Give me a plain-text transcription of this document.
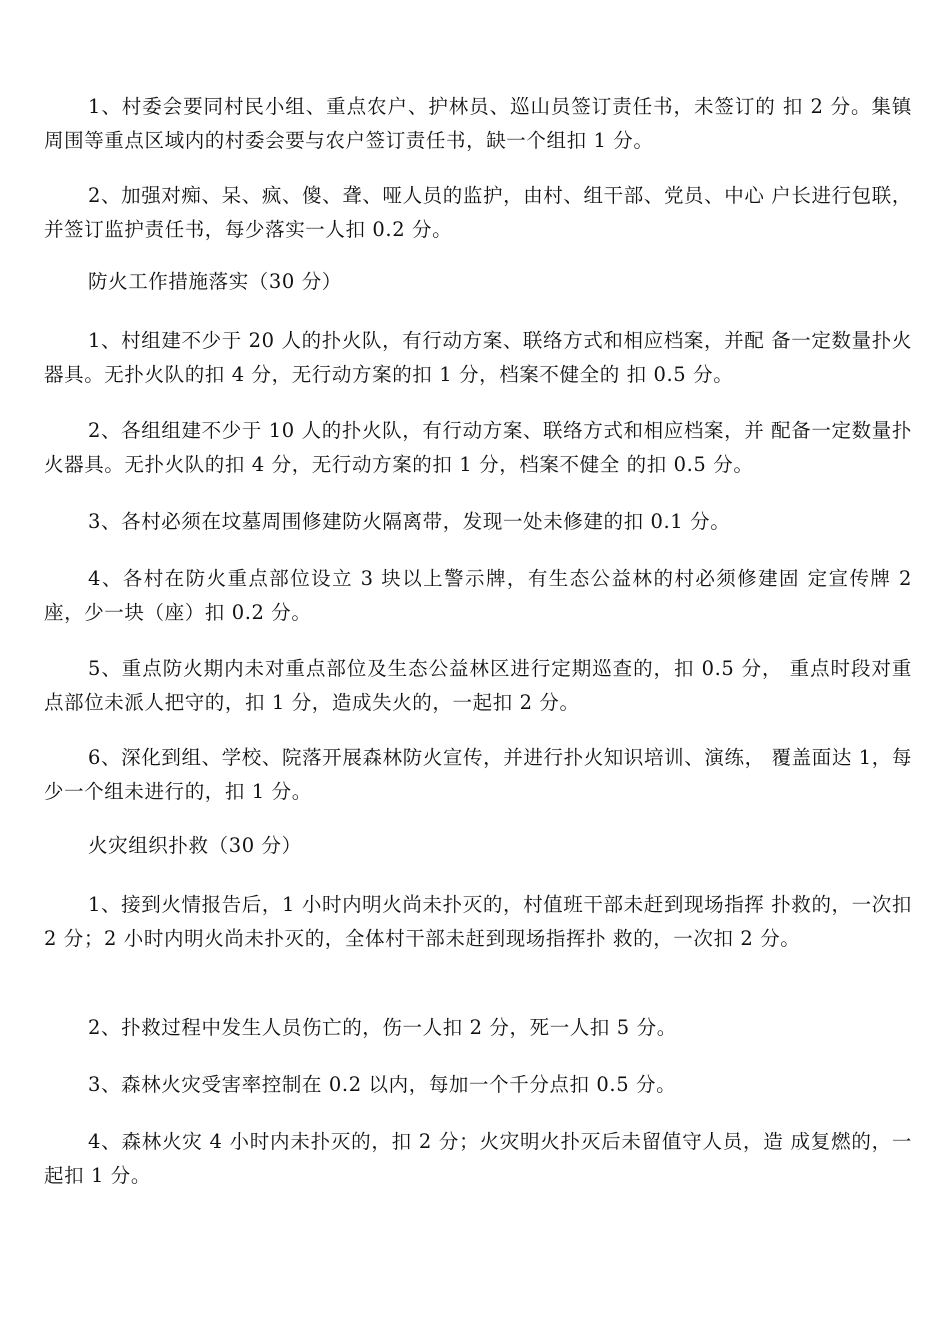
1、村委会要同村民小组、重点农户、护林员、巡山员签订责任书，未签订的 扣 2 分。集镇周围等重点区域内的村委会要与农户签订责任书，缺一个组扣 1 分。

2、加强对痴、呆、疯、傻、聋、哑人员的监护，由村、组干部、党员、中心 户长进行包联，并签订监护责任书，每少落实一人扣 0.2 分。

防火工作措施落实（30 分）

1、村组建不少于 20 人的扑火队，有行动方案、联络方式和相应档案，并配 备一定数量扑火器具。无扑火队的扣 4 分，无行动方案的扣 1 分，档案不健全的 扣 0.5 分。

2、各组组建不少于 10 人的扑火队，有行动方案、联络方式和相应档案，并 配备一定数量扑火器具。无扑火队的扣 4 分，无行动方案的扣 1 分，档案不健全 的扣 0.5 分。

3、各村必须在坟墓周围修建防火隔离带，发现一处未修建的扣 0.1 分。

4、各村在防火重点部位设立 3 块以上警示牌，有生态公益林的村必须修建固 定宣传牌 2 座，少一块（座）扣 0.2 分。

5、重点防火期内未对重点部位及生态公益林区进行定期巡查的，扣 0.5 分， 重点时段对重点部位未派人把守的，扣 1 分，造成失火的，一起扣 2 分。

6、深化到组、学校、院落开展森林防火宣传，并进行扑火知识培训、演练， 覆盖面达 1，每少一个组未进行的，扣 1 分。

火灾组织扑救（30 分）

1、接到火情报告后，1 小时内明火尚未扑灭的，村值班干部未赶到现场指挥 扑救的，一次扣 2 分；2 小时内明火尚未扑灭的，全体村干部未赶到现场指挥扑 救的，一次扣 2 分。

2、扑救过程中发生人员伤亡的，伤一人扣 2 分，死一人扣 5 分。

3、森林火灾受害率控制在 0.2 以内，每加一个千分点扣 0.5 分。

4、森林火灾 4 小时内未扑灭的，扣 2 分；火灾明火扑灭后未留值守人员，造 成复燃的，一起扣 1 分。
